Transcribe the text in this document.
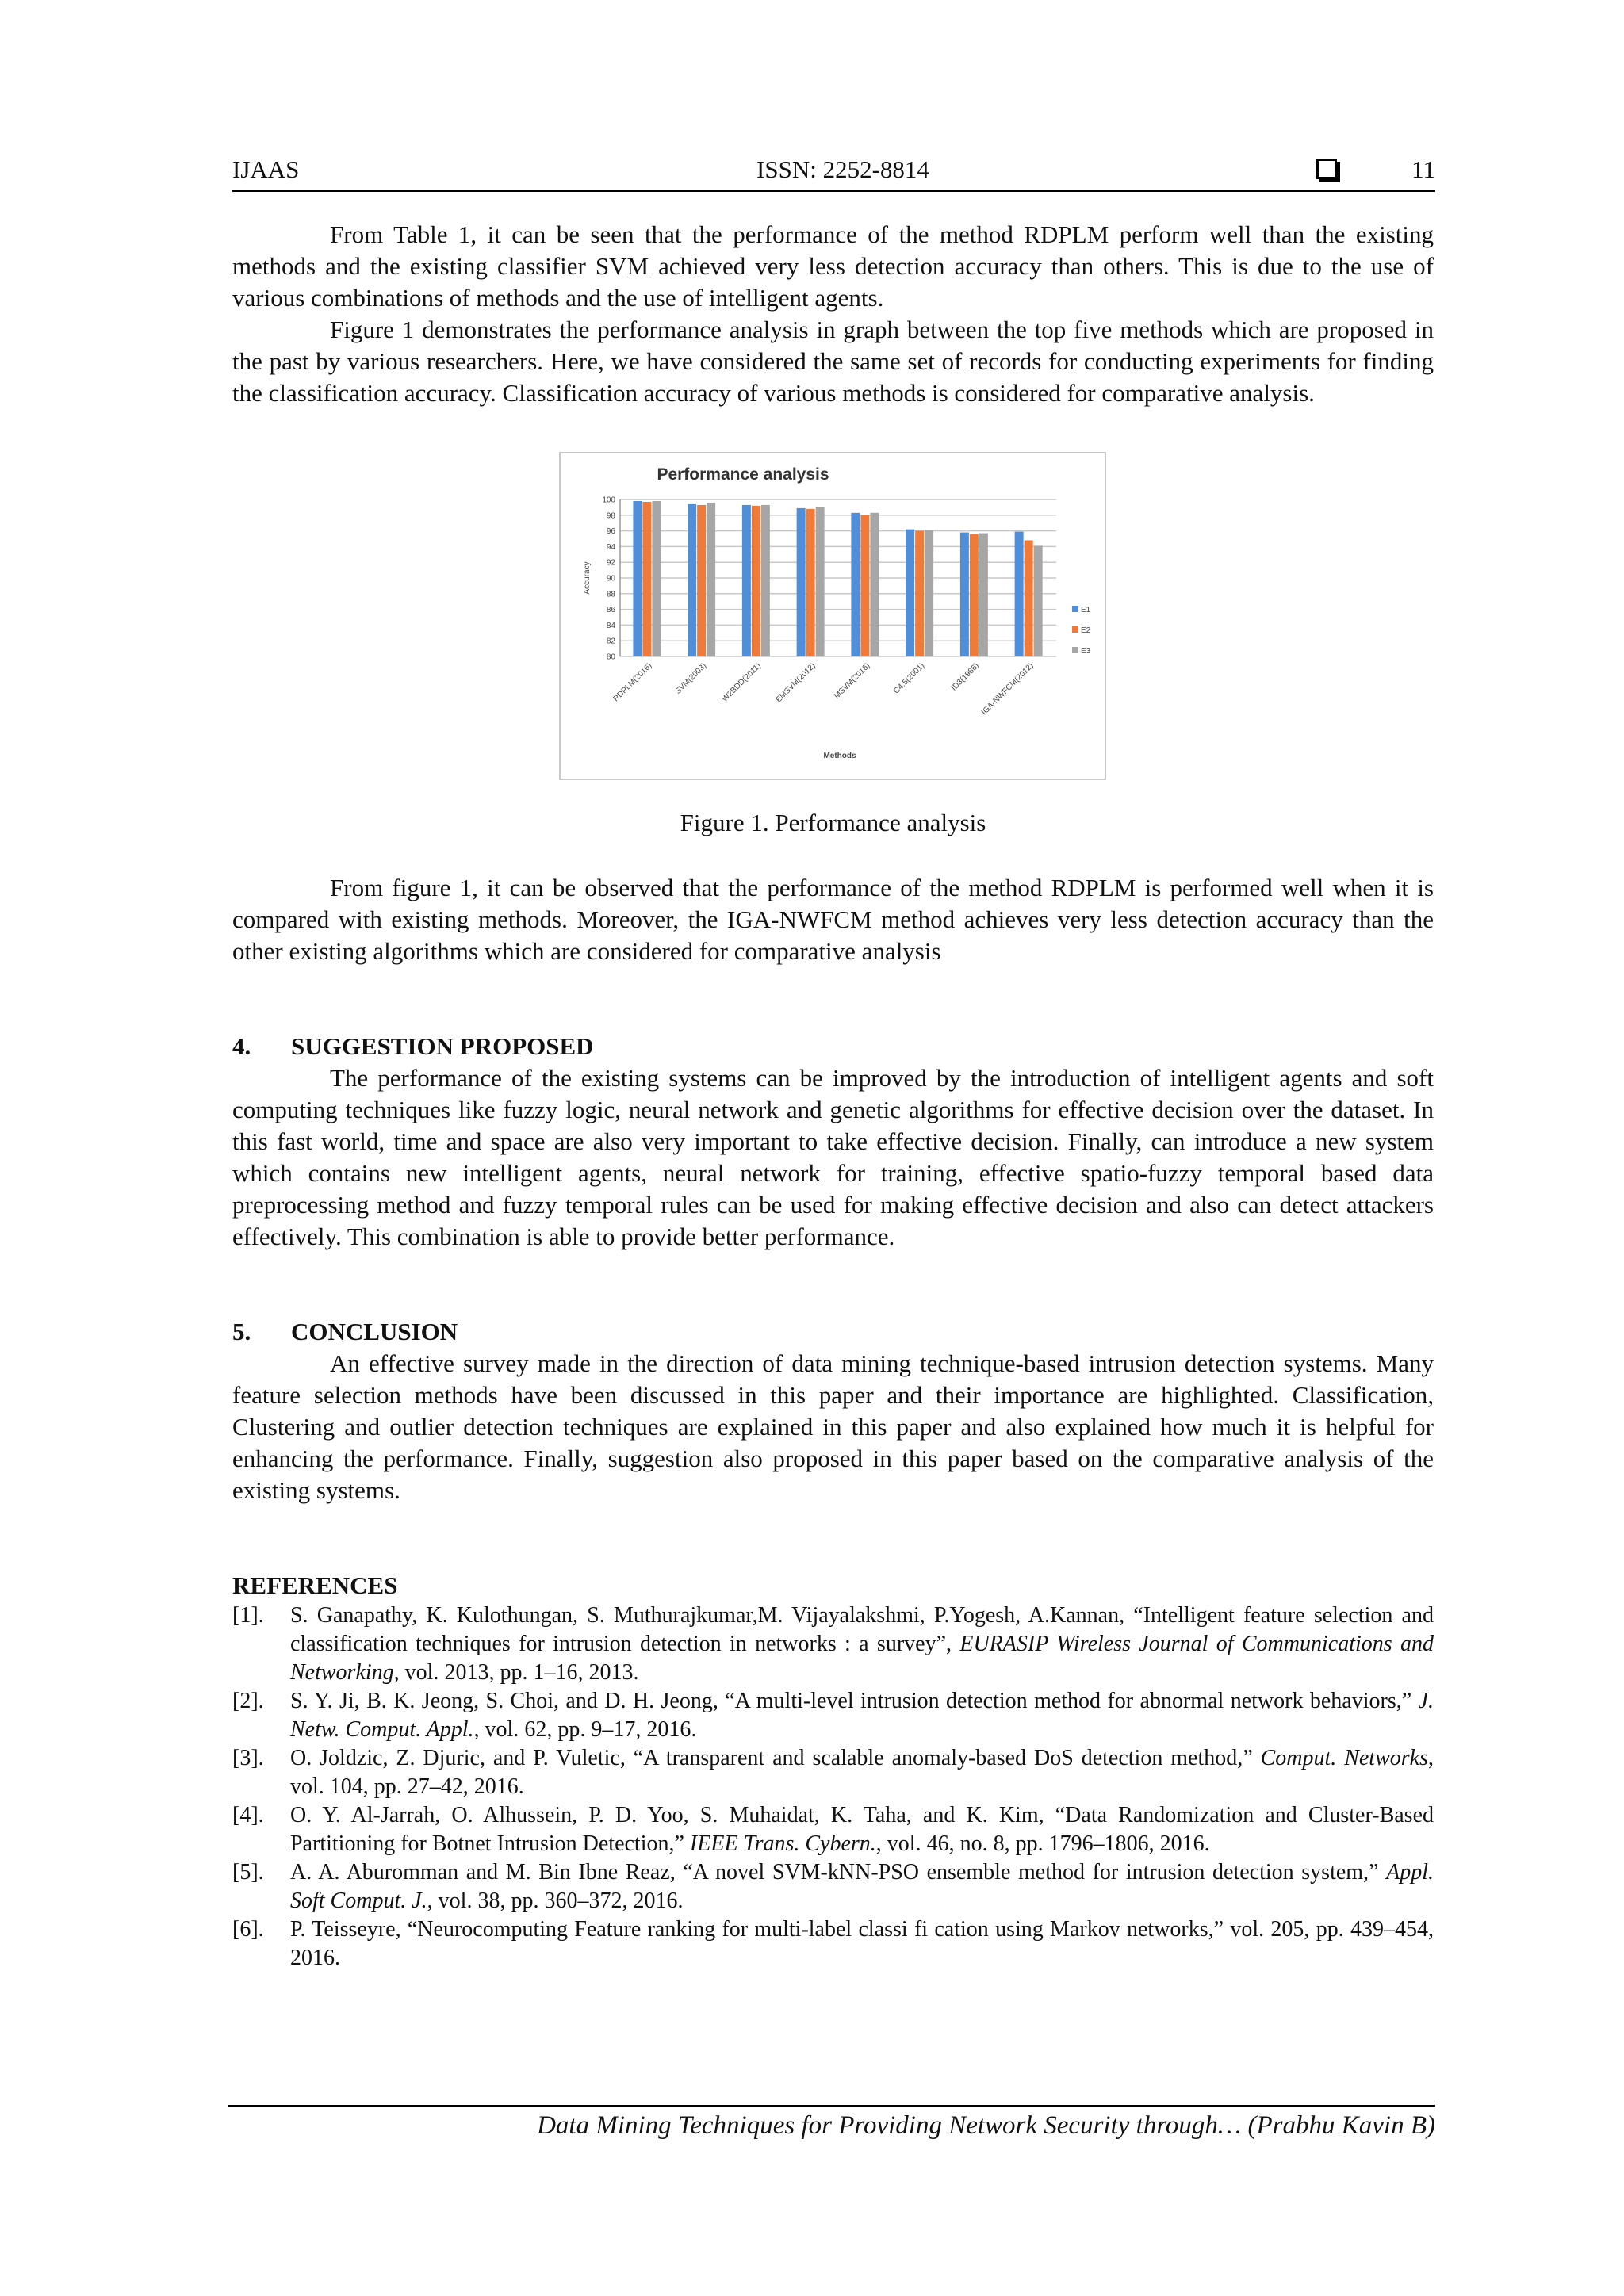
IJAAS	ISSN: 2252-8814	11

From Table 1, it can be seen that the performance of the method RDPLM perform well than the existing methods and the existing classifier SVM achieved very less detection accuracy than others. This is due to the use of various combinations of methods and the use of intelligent agents.

Figure 1 demonstrates the performance analysis in graph between the top five methods which are proposed in the past by various researchers. Here, we have considered the same set of records for conducting experiments for finding the classification accuracy. Classification accuracy of various methods is considered for comparative analysis.

Performance analysis
80
82
84
86
88
90
92
94
96
98
100
Accuracy
RDPLM(2016)	SVM(2003) W2BDD(2011) EMSVM(2012) MSVM(2016)	C4.5(2001)	ID3(1986)
IGA-NWFCM(2012)
Methods
E1
E2
E3
Figure 1. Performance analysis

From figure 1, it can be observed that the performance of the method RDPLM is performed well when it is compared with existing methods. Moreover, the IGA-NWFCM method achieves very less detection accuracy than the other existing algorithms which are considered for comparative analysis

4. SUGGESTION PROPOSED

The performance of the existing systems can be improved by the introduction of intelligent agents and soft computing techniques like fuzzy logic, neural network and genetic algorithms for effective decision over the dataset. In this fast world, time and space are also very important to take effective decision. Finally, can introduce a new system which contains new intelligent agents, neural network for training, effective spatio-fuzzy temporal based data preprocessing method and fuzzy temporal rules can be used for making effective decision and also can detect attackers effectively. This combination is able to provide better performance.

5. CONCLUSION

An effective survey made in the direction of data mining technique-based intrusion detection systems. Many feature selection methods have been discussed in this paper and their importance are highlighted. Classification, Clustering and outlier detection techniques are explained in this paper and also explained how much it is helpful for enhancing the performance. Finally, suggestion also proposed in this paper based on the comparative analysis of the existing systems.

REFERENCES

[1]. S. Ganapathy, K. Kulothungan, S. Muthurajkumar,M. Vijayalakshmi, P.Yogesh, A.Kannan, “Intelligent feature selection and classification techniques for intrusion detection in networks : a survey”, EURASIP Wireless Journal of Communications and Networking, vol. 2013, pp. 1–16, 2013.
[2]. S. Y. Ji, B. K. Jeong, S. Choi, and D. H. Jeong, “A multi-level intrusion detection method for abnormal network behaviors,” J. Netw. Comput. Appl., vol. 62, pp. 9–17, 2016.
[3]. O. Joldzic, Z. Djuric, and P. Vuletic, “A transparent and scalable anomaly-based DoS detection method,” Comput. Networks, vol. 104, pp. 27–42, 2016.
[4]. O. Y. Al-Jarrah, O. Alhussein, P. D. Yoo, S. Muhaidat, K. Taha, and K. Kim, “Data Randomization and Cluster-Based Partitioning for Botnet Intrusion Detection,” IEEE Trans. Cybern., vol. 46, no. 8, pp. 1796–1806, 2016.
[5]. A. A. Aburomman and M. Bin Ibne Reaz, “A novel SVM-kNN-PSO ensemble method for intrusion detection system,” Appl. Soft Comput. J., vol. 38, pp. 360–372, 2016.
[6]. P. Teisseyre, “Neurocomputing Feature ranking for multi-label classi fi cation using Markov networks,” vol. 205, pp. 439–454, 2016.
Data Mining Techniques for Providing Network Security through… (Prabhu Kavin B)
